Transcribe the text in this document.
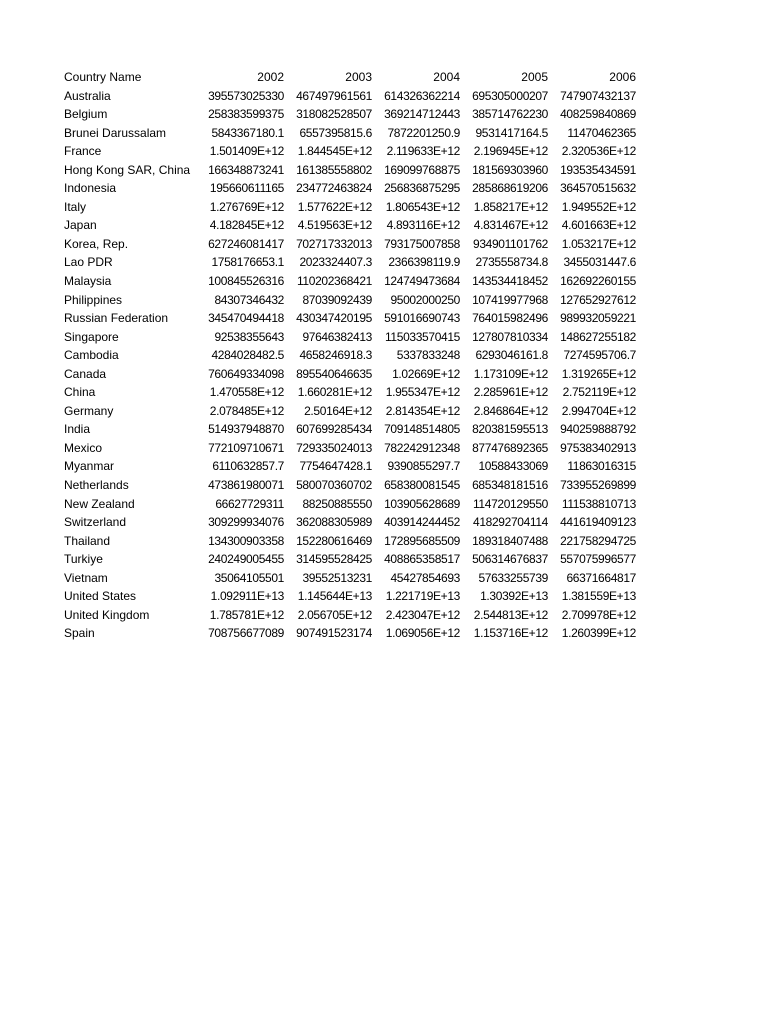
Country Name	2002	2003	2004	2005	2006
Australia	395573025330	467497961561	614326362214	695305000207	747907432137
Belgium	258383599375	318082528507	369214712443	385714762230	408259840869
Brunei Darussalam	5843367180.1	6557395815.6	7872201250.9	9531417164.5	11470462365
France	1.501409E+12	1.844545E+12	2.119633E+12	2.196945E+12	2.320536E+12
Hong Kong SAR, China	166348873241	161385558802	169099768875	181569303960	193535434591
Indonesia	195660611165	234772463824	256836875295	285868619206	364570515632
Italy	1.276769E+12	1.577622E+12	1.806543E+12	1.858217E+12	1.949552E+12
Japan	4.182845E+12	4.519563E+12	4.893116E+12	4.831467E+12	4.601663E+12
Korea, Rep.	627246081417	702717332013	793175007858	934901101762	1.053217E+12
Lao PDR	1758176653.1	2023324407.3	2366398119.9	2735558734.8	3455031447.6
Malaysia	100845526316	110202368421	124749473684	143534418452	162692260155
Philippines	84307346432	87039092439	95002000250	107419977968	127652927612
Russian Federation	345470494418	430347420195	591016690743	764015982496	989932059221
Singapore	92538355643	97646382413	115033570415	127807810334	148627255182
Cambodia	4284028482.5	4658246918.3	5337833248	6293046161.8	7274595706.7
Canada	760649334098	895540646635	1.02669E+12	1.173109E+12	1.319265E+12
China	1.470558E+12	1.660281E+12	1.955347E+12	2.285961E+12	2.752119E+12
Germany	2.078485E+12	2.50164E+12	2.814354E+12	2.846864E+12	2.994704E+12
India	514937948870	607699285434	709148514805	820381595513	940259888792
Mexico	772109710671	729335024013	782242912348	877476892365	975383402913
Myanmar	6110632857.7	7754647428.1	9390855297.7	10588433069	11863016315
Netherlands	473861980071	580070360702	658380081545	685348181516	733955269899
New Zealand	66627729311	88250885550	103905628689	114720129550	111538810713
Switzerland	309299934076	362088305989	403914244452	418292704114	441619409123
Thailand	134300903358	152280616469	172895685509	189318407488	221758294725
Turkiye	240249005455	314595528425	408865358517	506314676837	557075996577
Vietnam	35064105501	39552513231	45427854693	57633255739	66371664817
United States	1.092911E+13	1.145644E+13	1.221719E+13	1.30392E+13	1.381559E+13
United Kingdom	1.785781E+12	2.056705E+12	2.423047E+12	2.544813E+12	2.709978E+12
Spain	708756677089	907491523174	1.069056E+12	1.153716E+12	1.260399E+12
